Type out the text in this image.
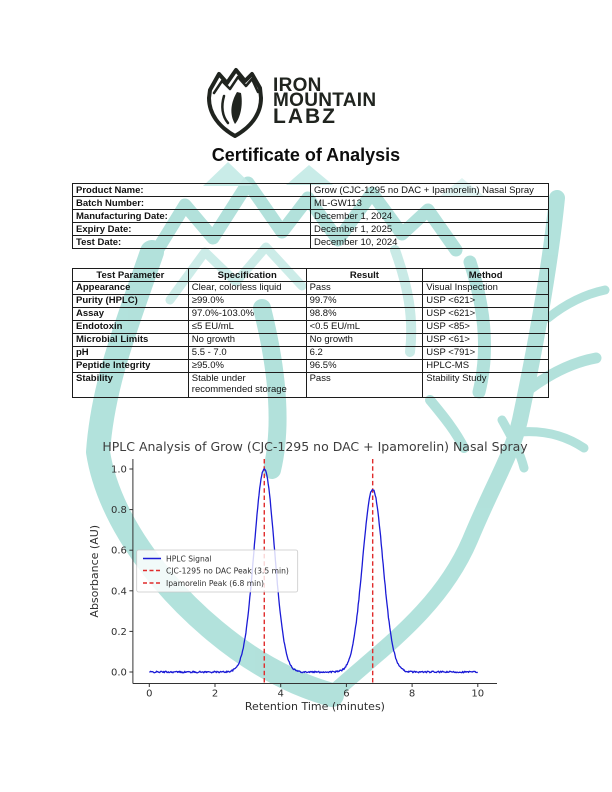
IRON
MOUNTAIN
LABZ
Certificate of Analysis
Product Name:	Grow (CJC-1295 no DAC + Ipamorelin) Nasal Spray
Batch Number:	ML-GW113
Manufacturing Date:	December 1, 2024
Expiry Date:	December 1, 2025
Test Date:	December 10, 2024
Test Parameter	Specification	Result	Method
Appearance	Clear, colorless liquid	Pass	Visual Inspection
Purity (HPLC)	≥99.0%	99.7%	USP <621>
Assay	97.0%-103.0%	98.8%	USP <621>
Endotoxin	≤5 EU/mL	<0.5 EU/mL	USP <85>
Microbial Limits	No growth	No growth	USP <61>
pH	5.5 - 7.0	6.2	USP <791>
Peptide Integrity	≥95.0%	96.5%	HPLC-MS
Stability	Stable under recommended storage	Pass	Stability Study
HPLC Analysis of Grow (CJC-1295 no DAC + Ipamorelin) Nasal Spray
0	2	4	6	8	10
0.0
0.2
0.4
0.6
0.8
1.0
Retention Time (minutes)
Absorbance (AU)	HPLC Signal
CJC-1295 no DAC Peak (3.5 min)
Ipamorelin Peak (6.8 min)
